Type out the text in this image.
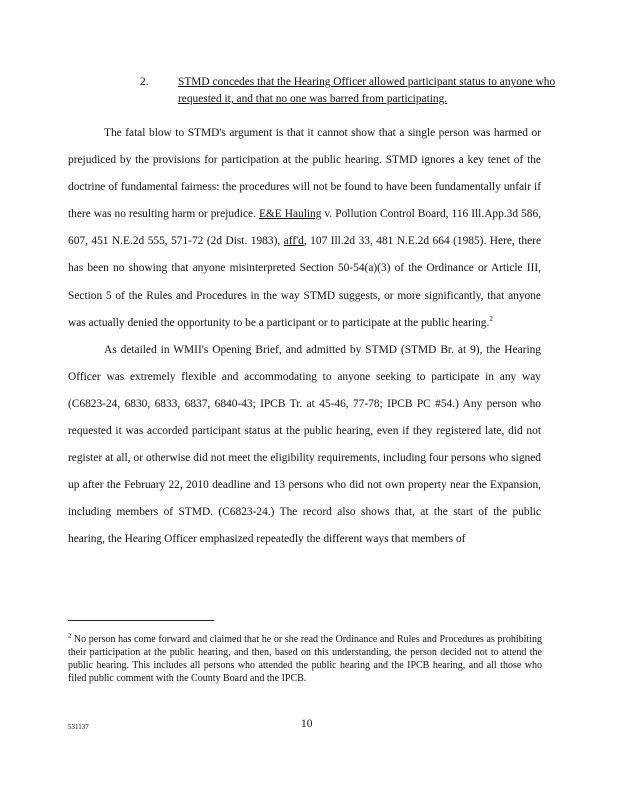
2.	STMD concedes that the Hearing Officer allowed participant status to anyone who requested it, and that no one was barred from participating.

The fatal blow to STMD's argument is that it cannot show that a single person was harmed or prejudiced by the provisions for participation at the public hearing. STMD ignores a key tenet of the doctrine of fundamental fairness: the procedures will not be found to have been fundamentally unfair if there was no resulting harm or prejudice. E&E Hauling v. Pollution Control Board, 116 Ill.App.3d 586, 607, 451 N.E.2d 555, 571-72 (2d Dist. 1983), aff'd, 107 Ill.2d 33, 481 N.E.2d 664 (1985). Here, there has been no showing that anyone misinterpreted Section 50-54(a)(3) of the Ordinance or Article III, Section 5 of the Rules and Procedures in the way STMD suggests, or more significantly, that anyone was actually denied the opportunity to be a participant or to participate at the public hearing.$^2$

As detailed in WMII's Opening Brief, and admitted by STMD (STMD Br. at 9), the Hearing Officer was extremely flexible and accommodating to anyone seeking to participate in any way (C6823-24, 6830, 6833, 6837, 6840-43; IPCB Tr. at 45-46, 77-78; IPCB PC #54.) Any person who requested it was accorded participant status at the public hearing, even if they registered late, did not register at all, or otherwise did not meet the eligibility requirements, including four persons who signed up after the February 22, 2010 deadline and 13 persons who did not own property near the Expansion, including members of STMD. (C6823-24.) The record also shows that, at the start of the public hearing, the Hearing Officer emphasized repeatedly the different ways that members of

$^2$ No person has come forward and claimed that he or she read the Ordinance and Rules and Procedures as prohibiting their participation at the public hearing, and then, based on this understanding, the person decided not to attend the public hearing. This includes all persons who attended the public hearing and the IPCB hearing, and all those who filed public comment with the County Board and the IPCB.
531137	10
